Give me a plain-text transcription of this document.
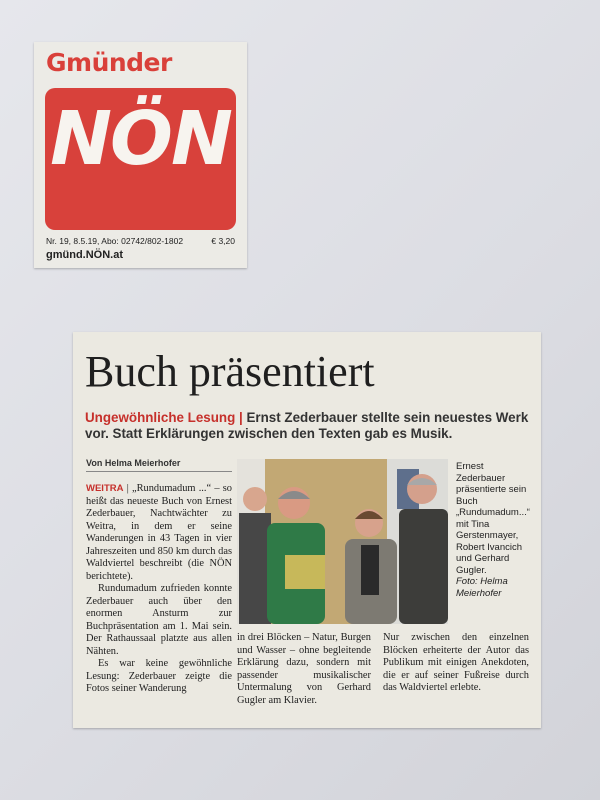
Gmünder
NÖN
Nr. 19, 8.5.19, Abo: 02742/802-1802	€ 3,20
gmünd.NÖN.at
Buch präsentiert
Ungewöhnliche Lesung | Ernst Zederbauer stellte sein neuestes Werk vor. Statt Erklärungen zwischen den Texten gab es Musik.
Von Helma Meierhofer

WEITRA | „Rundumadum ...“ – so heißt das neueste Buch von Ernest Zederbauer, Nachtwächter zu Weitra, in dem er seine Wanderungen in 43 Tagen in vier Jahreszeiten und 850 km durch das Waldviertel beschreibt (die NÖN berichtete).

Rundumadum zufrieden konnte Zederbauer auch über den enormen Ansturm zur Buchpräsentation am 1. Mai sein. Der Rathaussaal platzte aus allen Nähten.

Es war keine gewöhnliche Lesung: Zederbauer zeigte die Fotos seiner Wanderung

Ernest Zederbauer präsentierte sein Buch „Rundumadum...“ mit Tina Gerstenmayer, Robert Ivancich und Gerhard Gugler.
Foto: Helma Meierhofer
in drei Blöcken – Natur, Burgen und Wasser – ohne begleitende Erklärung dazu, sondern mit passender musikalischer Untermalung von Gerhard Gugler am Klavier.
Nur zwischen den einzelnen Blöcken erheiterte der Autor das Publikum mit einigen Anekdoten, die er auf seiner Fußreise durch das Waldviertel erlebte.
